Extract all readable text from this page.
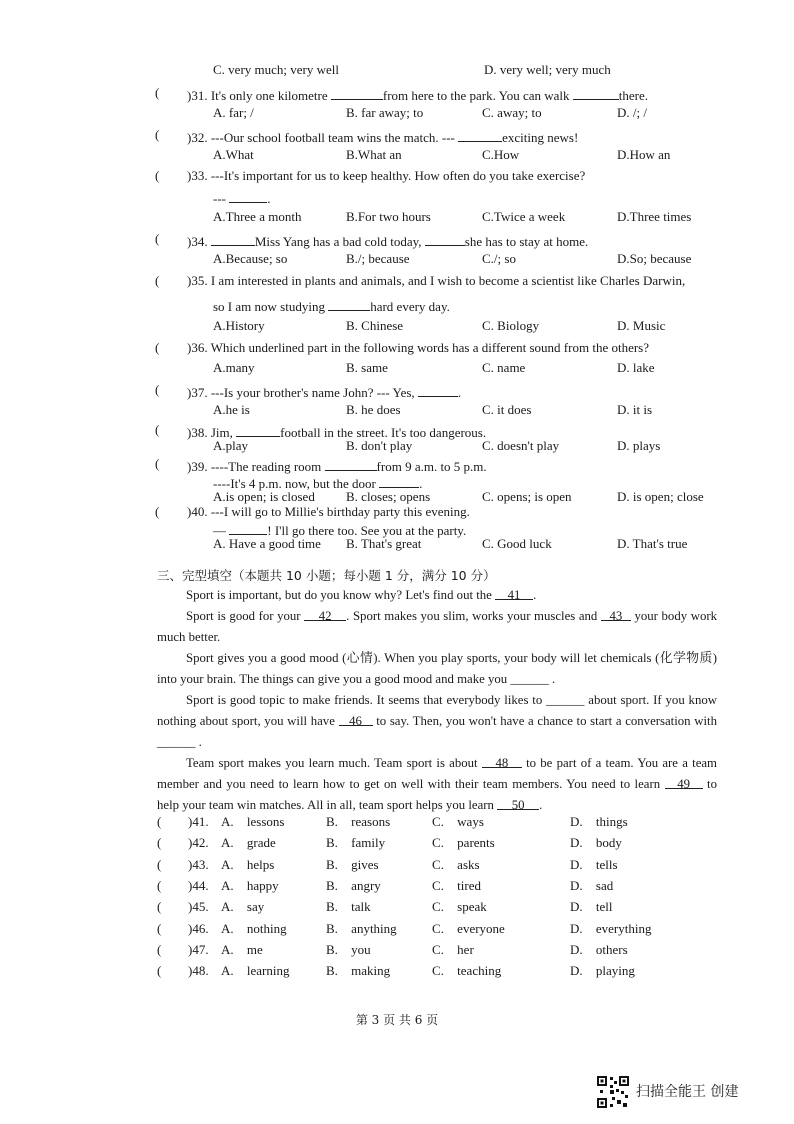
C. very much; very well	D. very well; very much
( )31. It's only one kilometre	from here to the park. You can walk	there.
A. far; /	B. far away; to	C. away; to	D. /; /
( )32. ---Our school football team wins the match. ---	exciting news!
A.What	B.What an	C.How	D.How an
( )33. ---It's important for us to keep healthy. How often do you take exercise?
---	.
A.Three a month	B.For two hours	C.Twice a week	D.Three times
( )34.	Miss Yang has a bad cold today,	she has to stay at home.
A.Because; so	B./; because	C./; so	D.So; because
( )35. I am interested in plants and animals, and I wish to become a scientist like Charles Darwin,
so I am now studying	hard every day.
A.History	B. Chinese	C. Biology	D. Music
( )36. Which underlined part in the following words has a different sound from the others?
A.many	B. same	C. name	D. lake
( )37. ---Is your brother's name John? --- Yes,	.
A.he is	B. he does	C. it does	D. it is
( )38. Jim,	football in the street. It's too dangerous.
A.play	B. don't play	C. doesn't play	D. plays
( )39. ----The reading room	from 9 a.m. to 5 p.m.
----It's 4 p.m. now, but the door	.
A.is open; is closed B. closes; opens	C. opens; is open	D. is open; close
( )40. ---I will go to Millie's birthday party this evening.
—	! I'll go there too. See you at the party.
A. Have a good time B. That's great	C. Good luck	D. That's true
三、完型填空（本题共 10 小题；每小题 1 分，满分 10 分）
Sport is important, but do you know why? Let's find out the 41 .
Sport is good for your 42 . Sport makes you slim, works your muscles and 43 your body work much better.
Sport gives you a good mood (心情). When you play sports, your body will let chemicals (化学物质) into your brain. The things can give you a good mood and make you ______ .
Sport is good topic to make friends. It seems that everybody likes to ______ about sport. If you know nothing about sport, you will have 46 to say. Then, you won't have a chance to start a conversation with ______ .
Team sport makes you learn much. Team sport is about 48 to be part of a team. You are a team member and you need to learn how to get on well with their team members. You need to learn 49 to help your team win matches. All in all, team sport helps you learn 50 .
( )41. A. lessons	B. reasons	C. ways	D. things
( )42. A. grade	B. family	C. parents	D. body
( )43. A. helps	B. gives	C. asks	D. tells
( )44. A. happy	B. angry	C. tired	D. sad
( )45. A. say	B. talk	C. speak	D. tell
( )46. A. nothing	B. anything	C. everyone	D. everything
( )47. A. me	B. you	C. her	D. others
( )48. A. learning	B. making	C. teaching	D. playing
第 3 页 共 6 页
扫描全能王 创建
